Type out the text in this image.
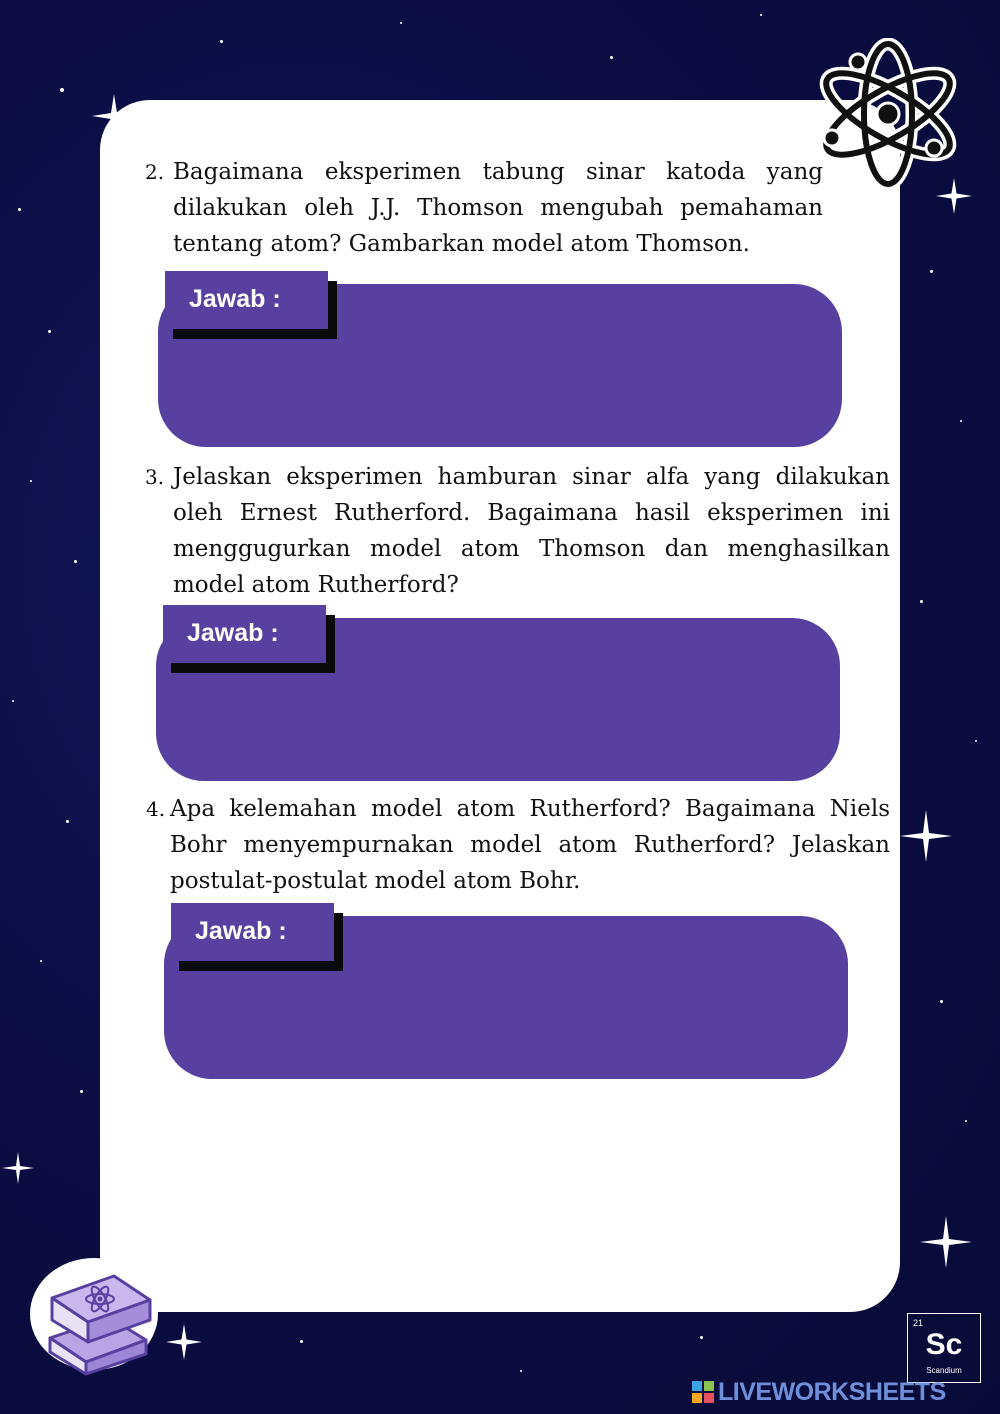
2. Bagaimana eksperimen tabung sinar katoda yang dilakukan oleh J.J. Thomson mengubah pemahaman tentang atom? Gambarkan model atom Thomson.
Jawab :
3. Jelaskan eksperimen hamburan sinar alfa yang dilakukan oleh Ernest Rutherford. Bagaimana hasil eksperimen ini menggugurkan model atom Thomson dan menghasilkan model atom Rutherford?
Jawab :
4. Apa kelemahan model atom Rutherford? Bagaimana Niels Bohr menyempurnakan model atom Rutherford? Jelaskan postulat-postulat model atom Bohr.
Jawab :
21
Sc
Scandium
LIVEWORKSHEETS
